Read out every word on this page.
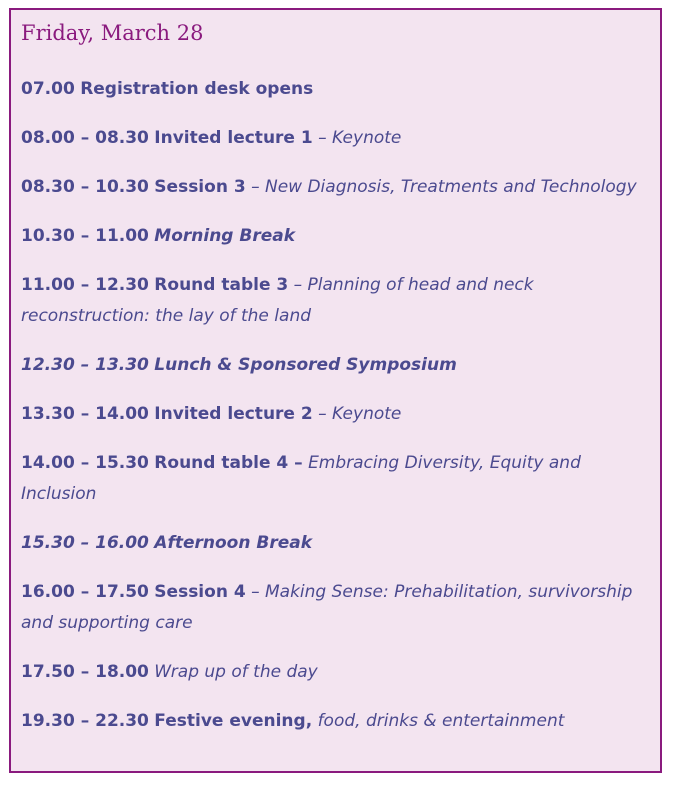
Friday, March 28
07.00 Registration desk opens
08.00 – 08.30 Invited lecture 1 – Keynote
08.30 – 10.30 Session 3 – New Diagnosis, Treatments and Technology
10.30 – 11.00 Morning Break
11.00 – 12.30 Round table 3 – Planning of head and neck reconstruction: the lay of the land
12.30 – 13.30 Lunch & Sponsored Symposium
13.30 – 14.00 Invited lecture 2 – Keynote
14.00 – 15.30 Round table 4 – Embracing Diversity, Equity and Inclusion
15.30 – 16.00 Afternoon Break
16.00 – 17.50 Session 4 – Making Sense: Prehabilitation, survivorship and supporting care
17.50 – 18.00 Wrap up of the day
19.30 – 22.30 Festive evening, food, drinks & entertainment
